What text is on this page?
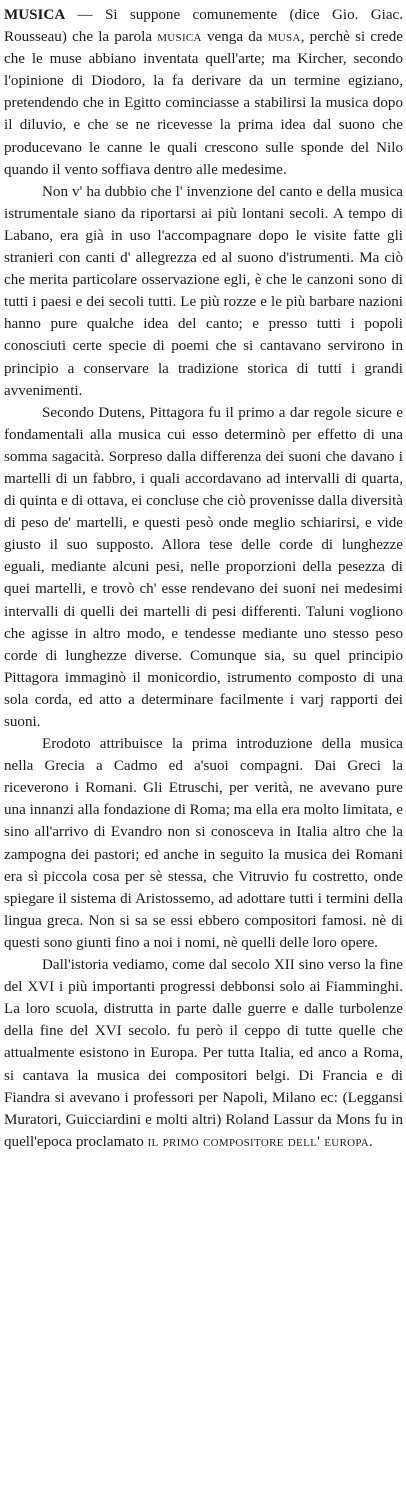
MUSICA — Si suppone comunemente (dice Gio. Giac. Rousseau) che la parola musica venga da musa, perchè si crede che le muse abbiano inventata quell'arte; ma Kircher, secondo l'opinione di Diodoro, la fa derivare da un termine egiziano, pretendendo che in Egitto cominciasse a stabilirsi la musica dopo il diluvio, e che se ne ricevesse la prima idea dal suono che producevano le canne le quali crescono sulle sponde del Nilo quando il vento soffiava dentro alle medesime.

Non v' ha dubbio che l' invenzione del canto e della musica istrumentale siano da riportarsi ai più lontani secoli. A tempo di Labano, era già in uso l'accompagnare dopo le visite fatte gli stranieri con canti d' allegrezza ed al suono d'istrumenti. Ma ciò che merita particolare osservazione egli, è che le canzoni sono di tutti i paesi e dei secoli tutti. Le più rozze e le più barbare nazioni hanno pure qualche idea del canto; e presso tutti i popoli conosciuti certe specie di poemi che si cantavano servirono in principio a conservare la tradizione storica di tutti i grandi avvenimenti.

Secondo Dutens, Pittagora fu il primo a dar regole sicure e fondamentali alla musica cui esso determinò per effetto di una somma sagacità. Sorpreso dalla differenza dei suoni che davano i martelli di un fabbro, i quali accordavano ad intervalli di quarta, di quinta e di ottava, ei concluse che ciò provenisse dalla diversità di peso de' martelli, e questi pesò onde meglio schiarirsi, e vide giusto il suo supposto. Allora tese delle corde di lunghezze eguali, mediante alcuni pesi, nelle proporzioni della pesezza di quei martelli, e trovò ch' esse rendevano dei suoni nei medesimi intervalli di quelli dei martelli di pesi differenti. Taluni vogliono che agisse in altro modo, e tendesse mediante uno stesso peso corde di lunghezze diverse. Comunque sia, su quel principio Pittagora immaginò il monicordio, istrumento composto di una sola corda, ed atto a determinare facilmente i varj rapporti dei suoni.

Erodoto attribuisce la prima introduzione della musica nella Grecia a Cadmo ed a'suoi compagni. Dai Greci la riceverono i Romani. Gli Etruschi, per verità, ne avevano pure una innanzi alla fondazione di Roma; ma ella era molto limitata, e sino all'arrivo di Evandro non si conosceva in Italia altro che la zampogna dei pastori; ed anche in seguito la musica dei Romani era sì piccola cosa per sè stessa, che Vitruvio fu costretto, onde spiegare il sistema di Aristossemo, ad adottare tutti i termini della lingua greca. Non si sa se essi ebbero compositori famosi. nè di questi sono giunti fino a noi i nomi, nè quelli delle loro opere.

Dall'istoria vediamo, come dal secolo XII sino verso la fine del XVI i più importanti progressi debbonsi solo ai Fiamminghi. La loro scuola, distrutta in parte dalle guerre e dalle turbolenze della fine del XVI secolo. fu però il ceppo di tutte quelle che attualmente esistono in Europa. Per tutta Italia, ed anco a Roma, si cantava la musica dei compositori belgi. Di Francia e di Fiandra si avevano i professori per Napoli, Milano ec: (Leggansi Muratori, Guicciardini e molti altri) Roland Lassur da Mons fu in quell'epoca proclamato il primo compositore dell' europa.
